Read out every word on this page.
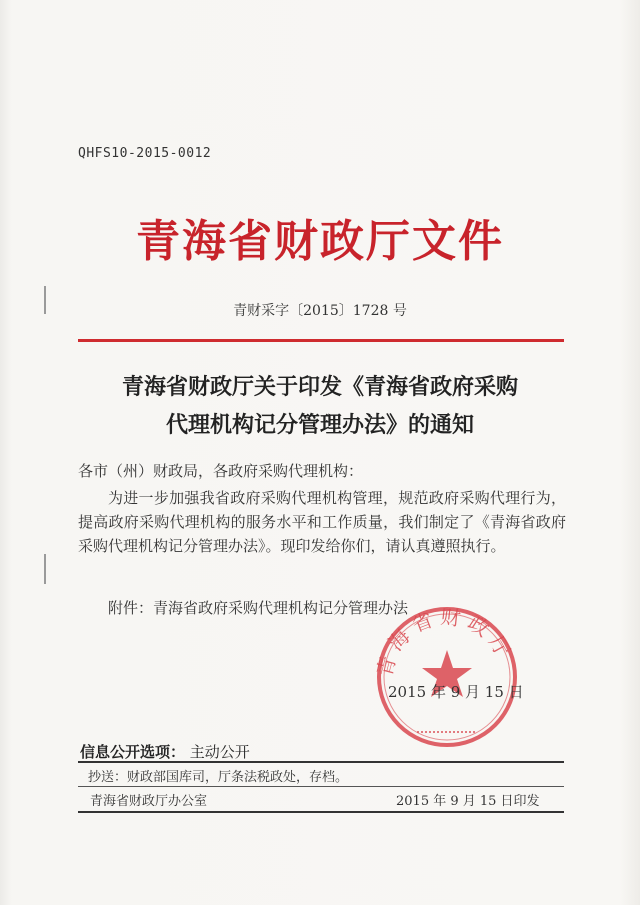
QHFS10-2015-0012
青海省财政厅文件
青财采字〔2015〕1728 号
青海省财政厅关于印发《青海省政府采购
代理机构记分管理办法》的通知
各市（州）财政局，各政府采购代理机构：
为进一步加强我省政府采购代理机构管理，规范政府采购代理行为，提高政府采购代理机构的服务水平和工作质量，我们制定了《青海省政府采购代理机构记分管理办法》。现印发给你们，请认真遵照执行。
附件：青海省政府采购代理机构记分管理办法
青海省财政厅
2015 年 9 月 15 日
信息公开选项： 主动公开
抄送：财政部国库司，厅条法税政处，存档。
青海省财政厅办公室	2015 年 9 月 15 日印发
